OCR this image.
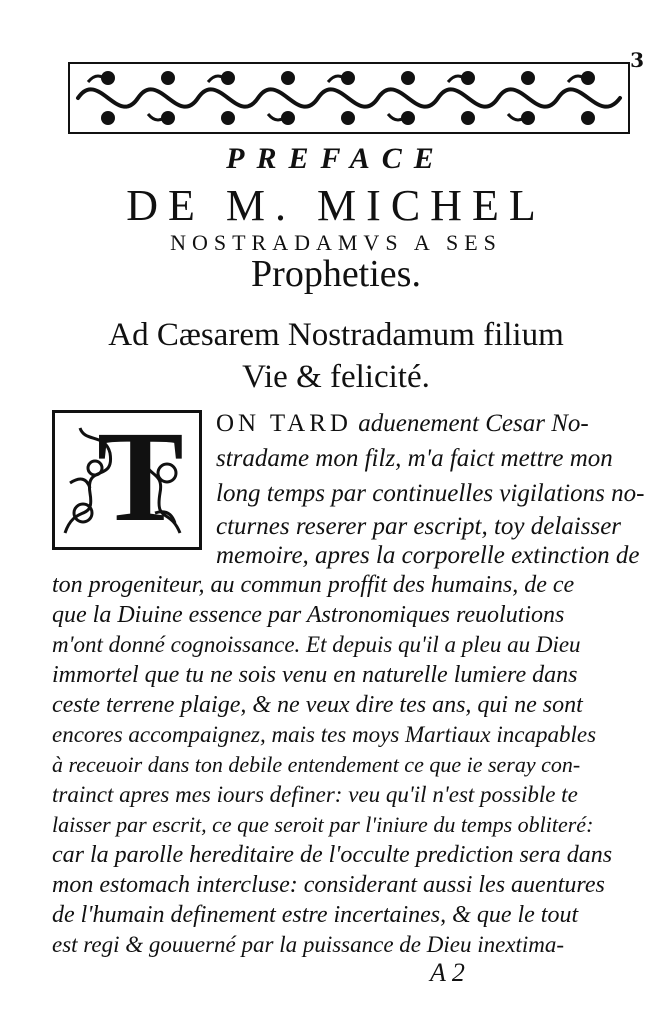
3
PREFACE
DE M. MICHEL
NOSTRADAMVS A SES
Propheties.
Ad Cæsarem Nostradamum filium
Vie & felicité.
T ON TARD aduenement Cesar No-
stradame mon filz, m'a faict mettre mon
long temps par continuelles vigilations no-
cturnes reserer par escript, toy delaisser
memoire, apres la corporelle extinction de
ton progeniteur, au commun proffit des humains, de ce
que la Diuine essence par Astronomiques reuolutions
m'ont donné cognoissance. Et depuis qu'il a pleu au Dieu
immortel que tu ne sois venu en naturelle lumiere dans
ceste terrene plaige, & ne veux dire tes ans, qui ne sont
encores accompaignez, mais tes moys Martiaux incapables
à receuoir dans ton debile entendement ce que ie seray con-
trainct apres mes iours definer: veu qu'il n'est possible te
laisser par escrit, ce que seroit par l'iniure du temps obliteré:
car la parolle hereditaire de l'occulte prediction sera dans
mon estomach intercluse: considerant aussi les auentures
de l'humain definement estre incertaines, & que le tout
est regi & gouuerné par la puissance de Dieu inextima-
A 2
